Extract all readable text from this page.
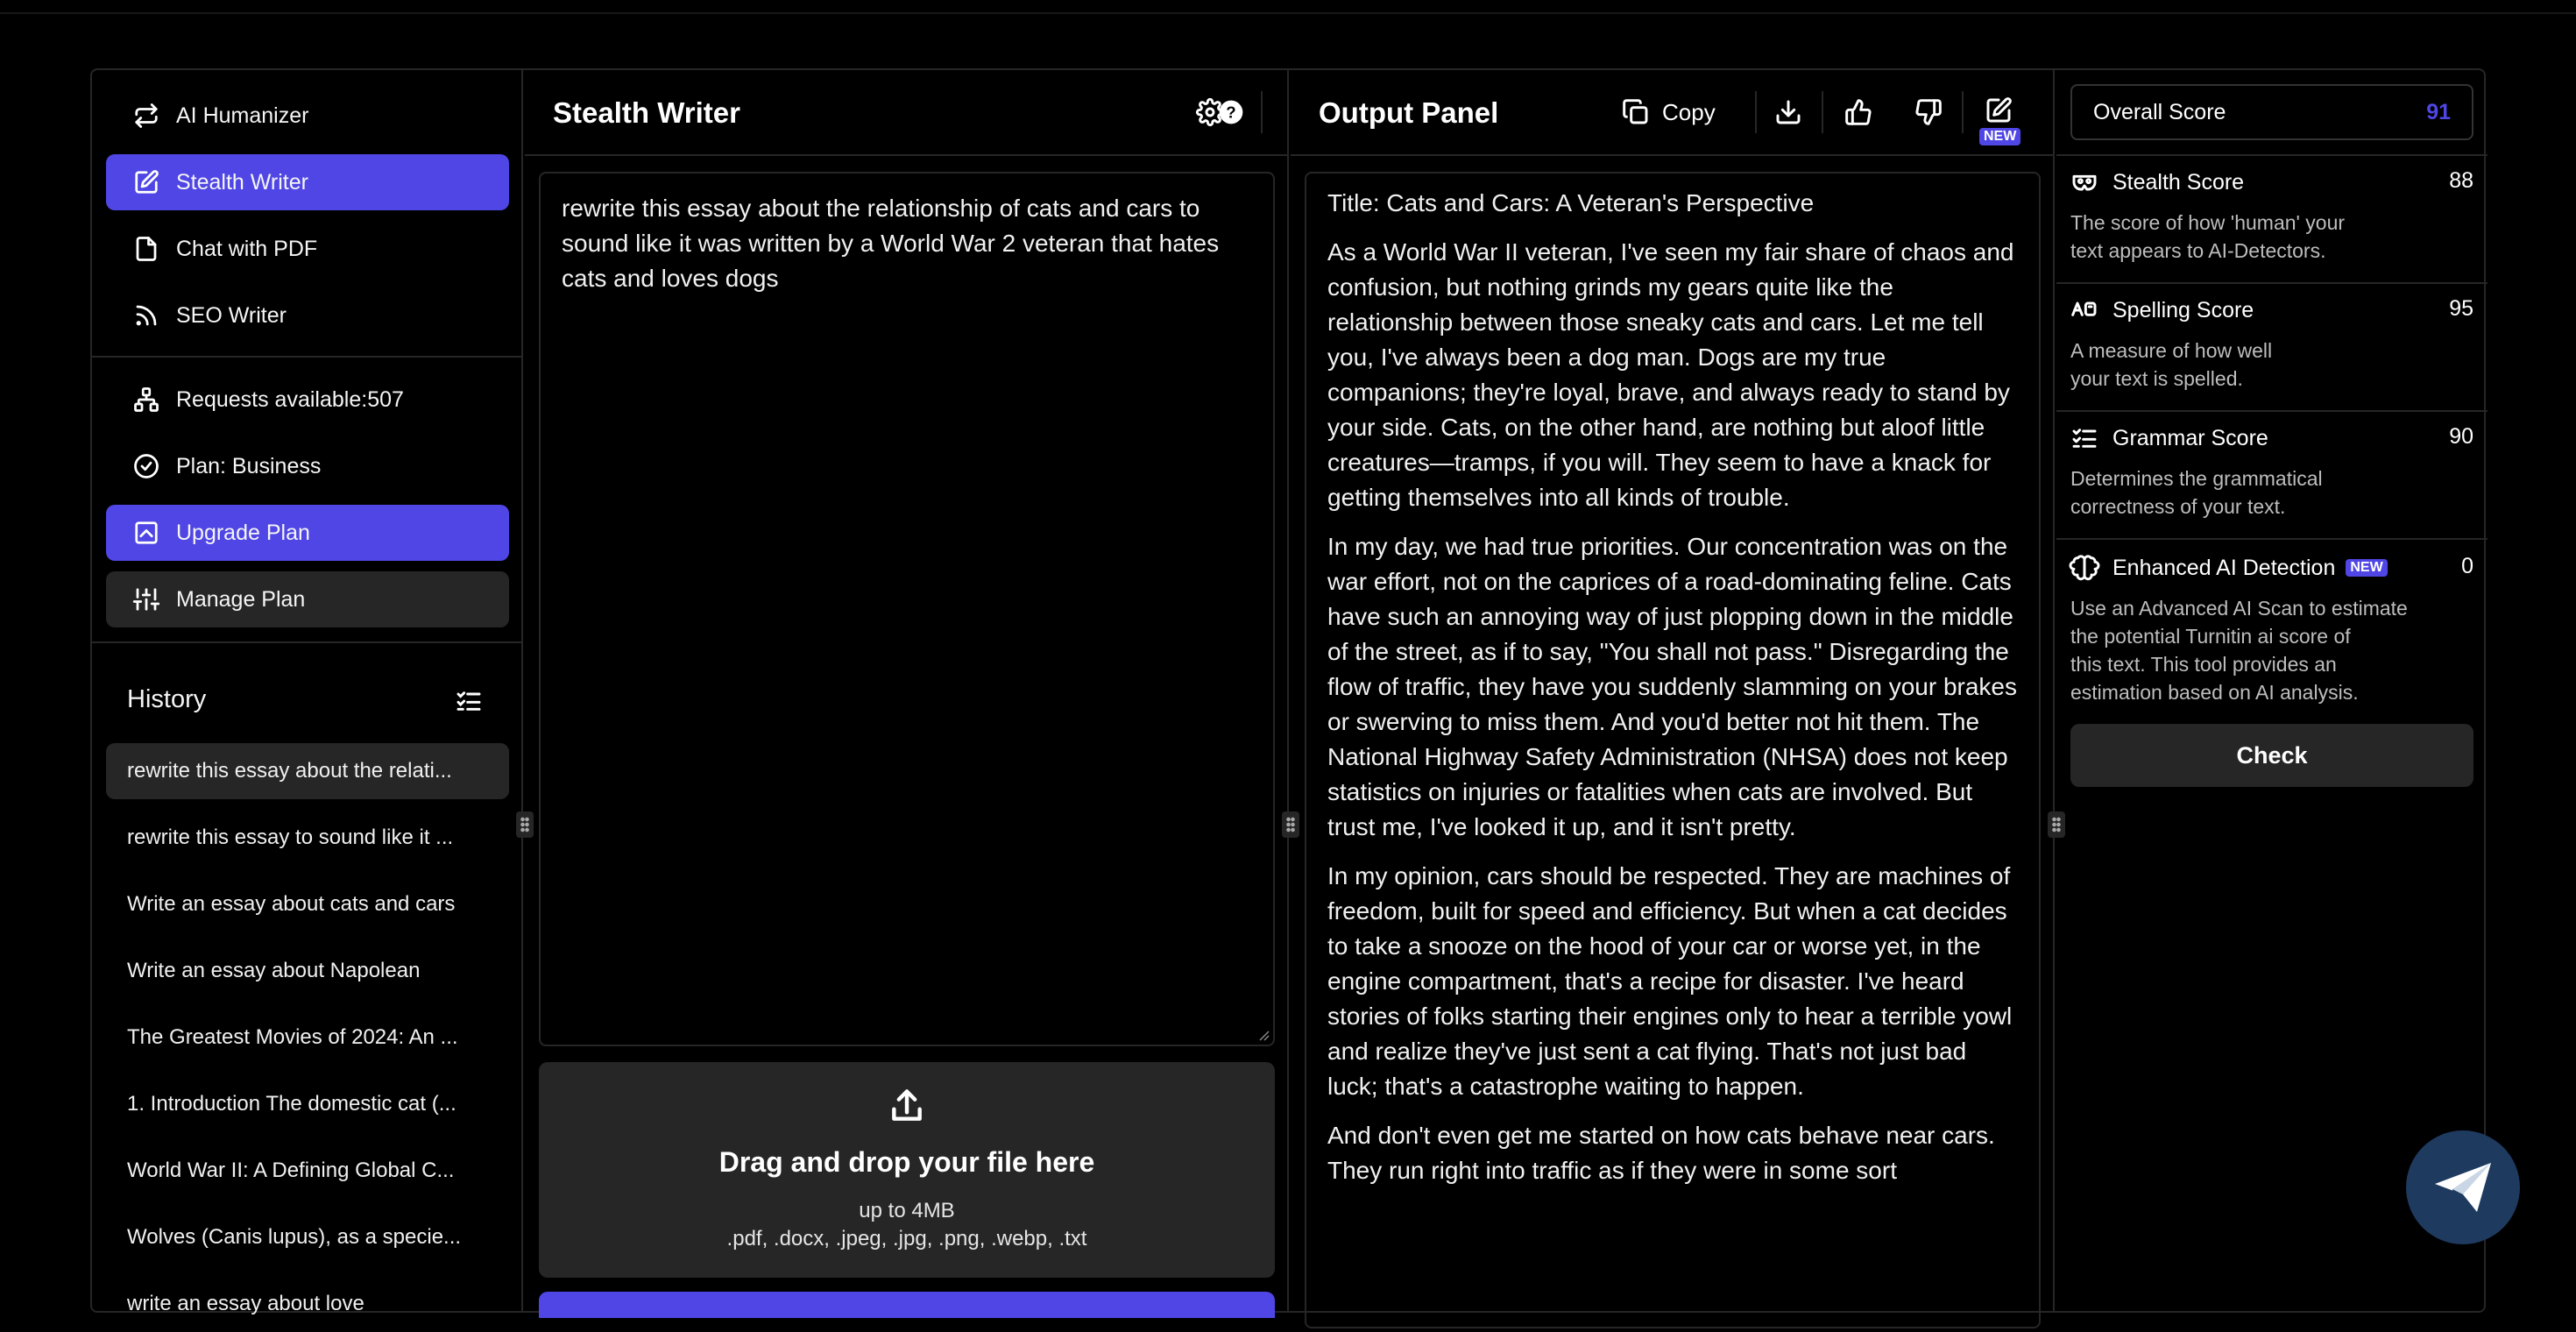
AI Humanizer
Stealth Writer
Chat with PDF
SEO Writer
Requests available:507
Plan: Business
Upgrade Plan
Manage Plan
History
rewrite this essay about the relati...
rewrite this essay to sound like it ...
Write an essay about cats and cars
Write an essay about Napolean
The Greatest Movies of 2024: An ...
1. Introduction The domestic cat (...
World War II: A Defining Global C...
Wolves (Canis lupus), as a specie...
write an essay about love
Stealth Writer	?
rewrite this essay about the relationship of cats and cars to sound like it was written by a World War 2 veteran that hates cats and loves dogs
Drag and drop your file here
up to 4MB
.pdf, .docx, .jpeg, .jpg, .png, .webp, .txt
Output Panel	Copy
NEW

Title: Cats and Cars: A Veteran's Perspective

As a World War II veteran, I've seen my fair share of chaos and confusion, but nothing grinds my gears quite like the relationship between those sneaky cats and cars. Let me tell you, I've always been a dog man. Dogs are my true companions; they're loyal, brave, and always ready to stand by your side. Cats, on the other hand, are nothing but aloof little creatures—tramps, if you will. They seem to have a knack for getting themselves into all kinds of trouble.

In my day, we had true priorities. Our concentration was on the war effort, not on the caprices of a road-dominating feline. Cats have such an annoying way of just plopping down in the middle of the street, as if to say, "You shall not pass." Disregarding the flow of traffic, they have you suddenly slamming on your brakes or swerving to miss them. And you'd better not hit them. The National Highway Safety Administration (NHSA) does not keep statistics on injuries or fatalities when cats are involved. But trust me, I've looked it up, and it isn't pretty.

In my opinion, cars should be respected. They are machines of freedom, built for speed and efficiency. But when a cat decides to take a snooze on the hood of your car or worse yet, in the engine compartment, that's a recipe for disaster. I've heard stories of folks starting their engines only to hear a terrible yowl and realize they've just sent a cat flying. That's not just bad luck; that's a catastrophe waiting to happen.

And don't even get me started on how cats behave near cars. They run right into traffic as if they were in some sort

Overall Score	91
Stealth Score	88
The score of how 'human' your
text appears to AI-Detectors.
Spelling Score	95
A measure of how well
your text is spelled.
Grammar Score	90
Determines the grammatical
correctness of your text.
Enhanced AI Detection	NEW	0
Use an Advanced AI Scan to estimate
the potential Turnitin ai score of
this text. This tool provides an
estimation based on AI analysis.
Check
